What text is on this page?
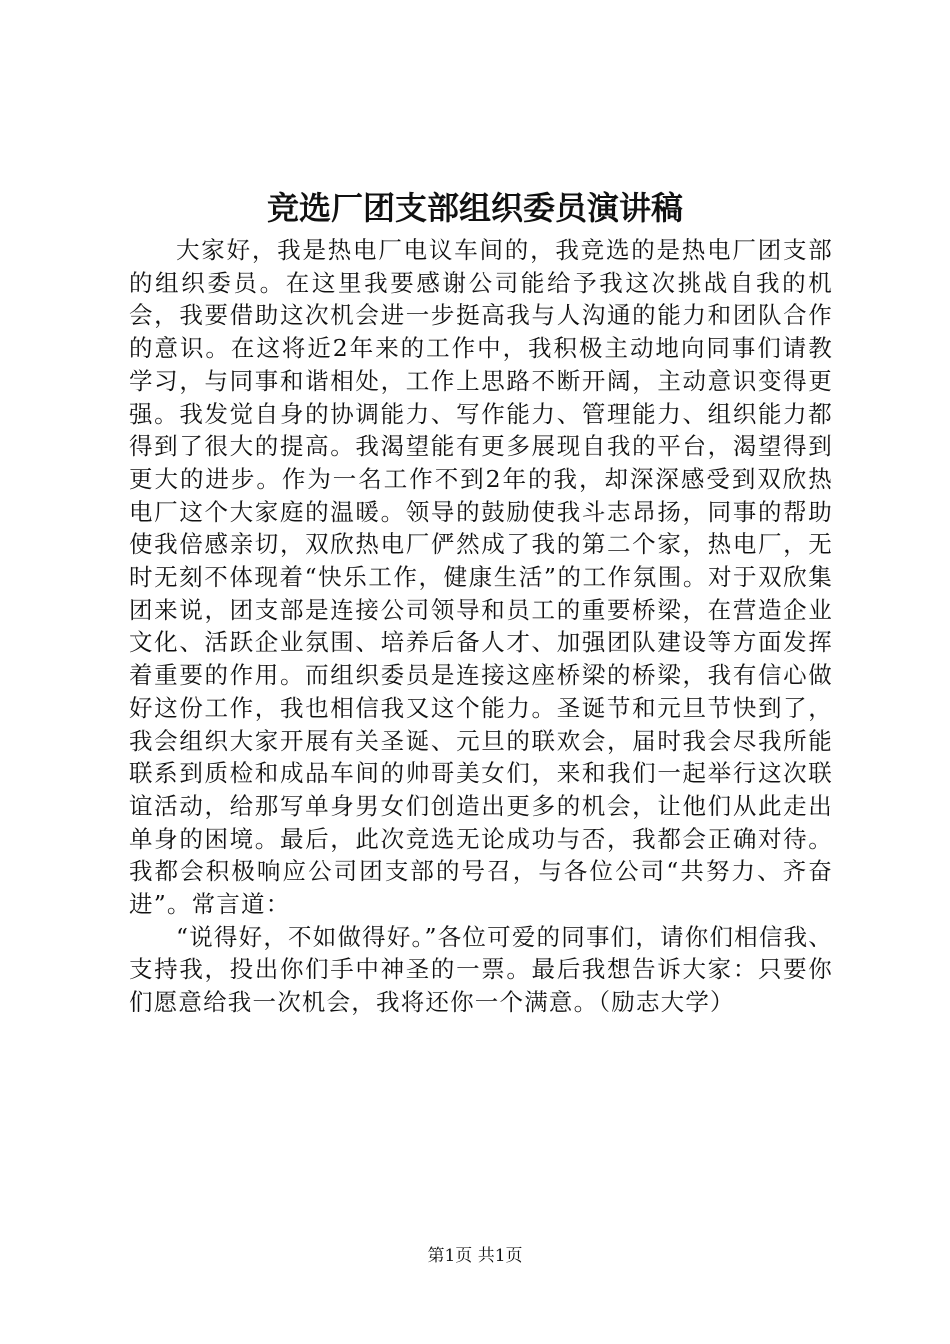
竞选厂团支部组织委员演讲稿

大家好，我是热电厂电议车间的，我竞选的是热电厂团支部的组织委员。在这里我要感谢公司能给予我这次挑战自我的机会，我要借助这次机会进一步挺高我与人沟通的能力和团队合作的意识。在这将近2年来的工作中，我积极主动地向同事们请教学习，与同事和谐相处，工作上思路不断开阔，主动意识变得更强。我发觉自身的协调能力、写作能力、管理能力、组织能力都得到了很大的提高。我渴望能有更多展现自我的平台，渴望得到更大的进步。作为一名工作不到2年的我，却深深感受到双欣热电厂这个大家庭的温暖。领导的鼓励使我斗志昂扬，同事的帮助使我倍感亲切，双欣热电厂俨然成了我的第二个家，热电厂，无时无刻不体现着“快乐工作，健康生活”的工作氛围。对于双欣集团来说，团支部是连接公司领导和员工的重要桥梁，在营造企业文化、活跃企业氛围、培养后备人才、加强团队建设等方面发挥着重要的作用。而组织委员是连接这座桥梁的桥梁，我有信心做好这份工作，我也相信我又这个能力。圣诞节和元旦节快到了，我会组织大家开展有关圣诞、元旦的联欢会，届时我会尽我所能联系到质检和成品车间的帅哥美女们，来和我们一起举行这次联谊活动，给那写单身男女们创造出更多的机会，让他们从此走出单身的困境。最后，此次竞选无论成功与否，我都会正确对待。我都会积极响应公司团支部的号召，与各位公司“共努力、齐奋进”。常言道：

“说得好，不如做得好。”各位可爱的同事们，请你们相信我、支持我，投出你们手中神圣的一票。最后我想告诉大家：只要你们愿意给我一次机会，我将还你一个满意。（励志大学）

第1页 共1页
